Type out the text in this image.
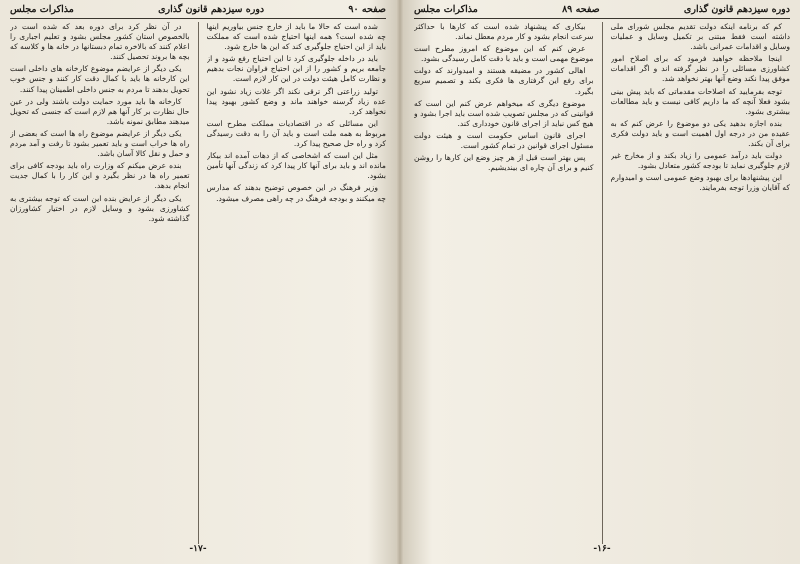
صفحه ۹۰
دوره سیزدهم قانون گذاری
مذاکرات مجلس

شده است که حالا ما باید از خارج جنس بیاوریم اینها چه شده است؟ همه اینها احتیاج شده است که مملکت باید از این احتیاج جلوگیری کند که این ها خارج شود.

باید در داخله جلوگیری کرد تا این احتیاج رفع شود و از جامعه بریم و کشور را از این احتیاج فراوان نجات بدهیم و نظارت کامل هیئت دولت در این کار لازم است.

تولید زراعتی اگر ترقی نکند اگر غلات زیاد نشود این عده زیاد گرسنه خواهند ماند و وضع کشور بهبود پیدا نخواهد کرد.

این مسائلی که در اقتصادیات مملکت مطرح است مربوط به همه ملت است و باید آن را به دقت رسیدگی کرد و راه حل صحیح پیدا کرد.

مثل این است که اشخاصی که از دهات آمده اند بیکار مانده اند و باید برای آنها کار پیدا کرد که زندگی آنها تأمین بشود.

وزیر فرهنگ در این خصوص توضیح بدهند که مدارس چه میکنند و بودجه فرهنگ در چه راهی مصرف میشود.

در آن نظر کرد برای دوره بعد که شده است در بالخصوص استان کشور مجلس بشود و تعلیم اجباری را اعلام کنند که بالاخره تمام دبستانها در خانه ها و کلاسه که بچه ها بروند تحصیل کنند.

یکی دیگر از عرایضم موضوع کارخانه های داخلی است این کارخانه ها باید با کمال دقت کار کنند و جنس خوب تحویل بدهند تا مردم به جنس داخلی اطمینان پیدا کنند.

کارخانه ها باید مورد حمایت دولت باشند ولی در عین حال نظارت بر کار آنها هم لازم است که جنسی که تحویل میدهند مطابق نمونه باشد.

یکی دیگر از عرایضم موضوع راه ها است که بعضی از راه ها خراب است و باید تعمیر بشود تا رفت و آمد مردم و حمل و نقل کالا آسان باشد.

بنده عرض میکنم که وزارت راه باید بودجه کافی برای تعمیر راه ها در نظر بگیرد و این کار را با کمال جدیت انجام بدهد.

یکی دیگر از عرایض بنده این است که توجه بیشتری به کشاورزی بشود و وسایل لازم در اختیار کشاورزان گذاشته شود.

-۱۷-
دوره سیزدهم قانون گذاری
صفحه ۸۹
مذاکرات مجلس

کم که برنامه اینکه دولت تقدیم مجلس شورای ملی داشته است فقط مبتنی بر تکمیل وسایل و عملیات وسایل و اقدامات عمرانی باشد.

اینجا ملاحظه خواهید فرمود که برای اصلاح امور کشاورزی مسائلی را در نظر گرفته اند و اگر اقدامات موفق پیدا نکند وضع آنها بهتر نخواهد شد.

توجه بفرمایید که اصلاحات مقدماتی که باید پیش بینی بشود فعلا آنچه که ما داریم کافی نیست و باید مطالعات بیشتری بشود.

بنده اجازه بدهید یکی دو موضوع را عرض کنم که به عقیده من در درجه اول اهمیت است و باید دولت فکری برای آن بکند.

دولت باید درآمد عمومی را زیاد بکند و از مخارج غیر لازم جلوگیری نماید تا بودجه کشور متعادل بشود.

این پیشنهادها برای بهبود وضع عمومی است و امیدوارم که آقایان وزرا توجه بفرمایند.

بیکاری که پیشنهاد شده است که کارها با حداکثر سرعت انجام بشود و کار مردم معطل نماند.

عرض کنم که این موضوع که امروز مطرح است موضوع مهمی است و باید با دقت کامل رسیدگی بشود.

اهالی کشور در مضیقه هستند و امیدوارند که دولت برای رفع این گرفتاری ها فکری بکند و تصمیم سریع بگیرد.

موضوع دیگری که میخواهم عرض کنم این است که قوانینی که در مجلس تصویب شده است باید اجرا بشود و هیچ کس نباید از اجرای قانون خودداری کند.

اجرای قانون اساس حکومت است و هیئت دولت مسئول اجرای قوانین در تمام کشور است.

پس بهتر است قبل از هر چیز وضع این کارها را روشن کنیم و برای آن چاره ای بیندیشیم.

-۱۶-
